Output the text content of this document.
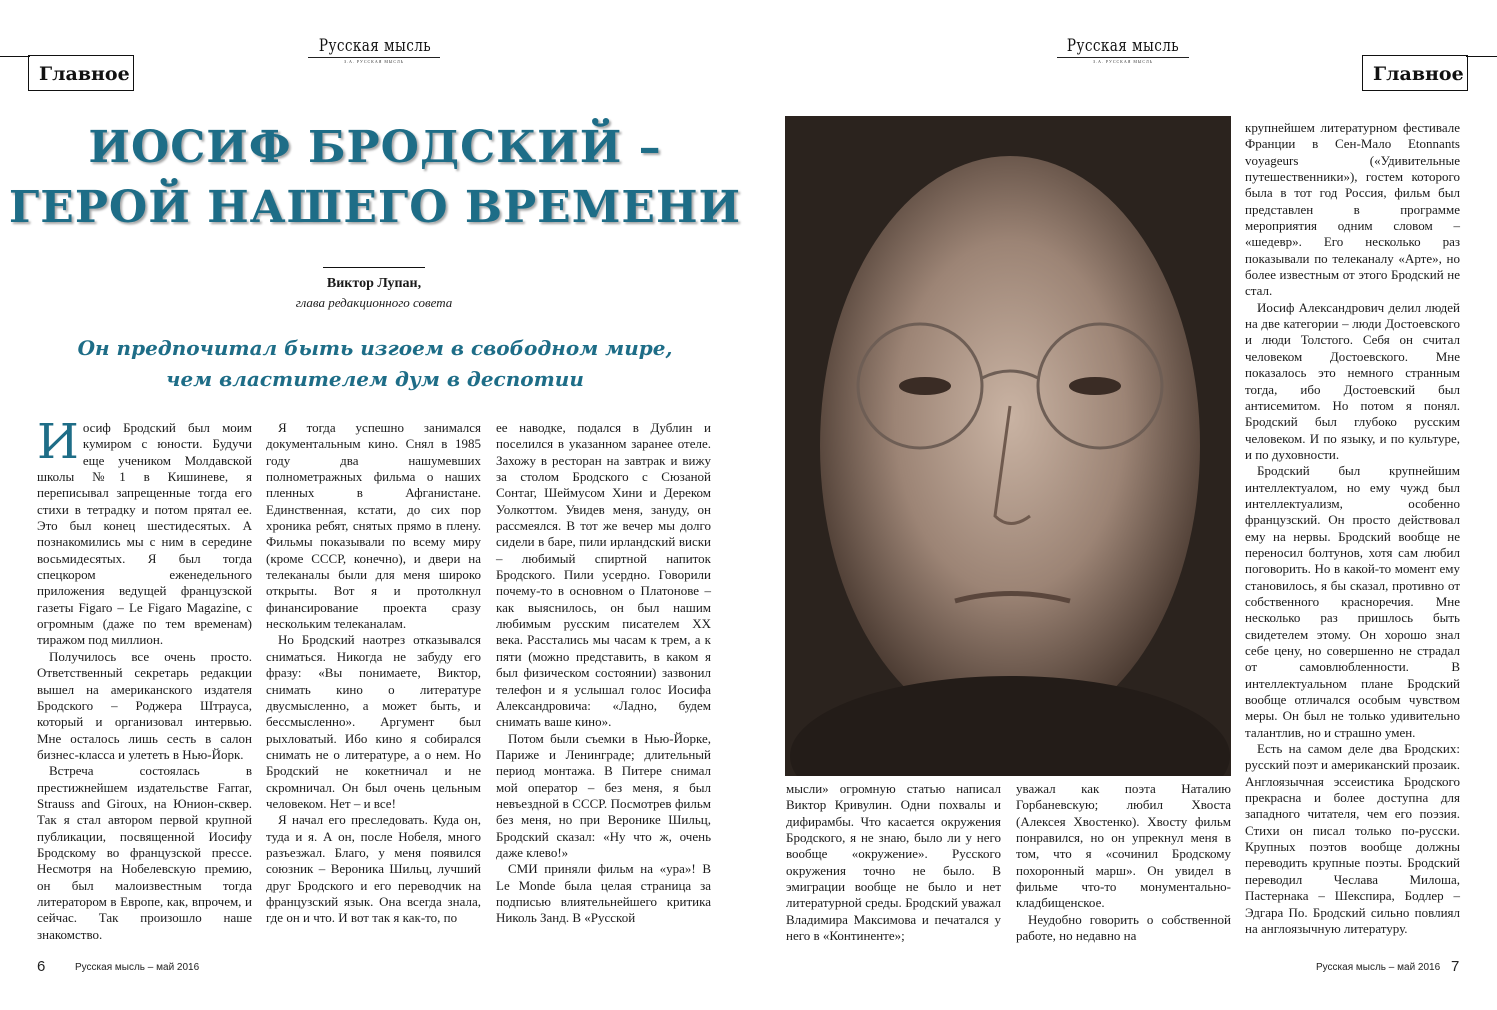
Русская мысль
З.А. РУССКАЯ МЫСЛЬ
Главное
ИОСИФ БРОДСКИЙ –
ГЕРОЙ НАШЕГО ВРЕМЕНИ
Виктор Лупан,
глава редакционного совета
Он предпочитал быть изгоем в свободном мире,
чем властителем дум в деспотии
И осиф Бродский был моим кумиром с юности. Будучи еще учеником Молдавской школы №1 в Кишиневе, я переписывал запрещенные тогда его стихи в тетрадку и потом прятал ее. Это был конец шестидесятых. А познакомились мы с ним в середине восьмидесятых. Я был тогда спецкором еженедельного приложения ведущей французской газеты Figaro – Le Figaro Magazine, с огромным (даже по тем временам) тиражом под миллион.

Получилось все очень просто. Ответственный секретарь редакции вышел на американского издателя Бродского – Роджера Штрауса, который и организовал интервью. Мне осталось лишь сесть в салон бизнес-класса и улететь в Нью-Йорк.

Встреча состоялась в престижнейшем издательстве Farrar, Strauss and Giroux, на Юнион-сквер. Так я стал автором первой крупной публикации, посвященной Иосифу Бродскому во французской прессе. Несмотря на Нобелевскую премию, он был малоизвестным тогда литератором в Европе, как, впрочем, и сейчас. Так произошло наше знакомство.

Я тогда успешно занимался документальным кино. Снял в 1985 году два нашумевших полнометражных фильма о наших пленных в Афганистане. Единственная, кстати, до сих пор хроника ребят, снятых прямо в плену. Фильмы показывали по всему миру (кроме СССР, конечно), и двери на телеканалы были для меня широко открыты. Вот я и протолкнул финансирование проекта сразу нескольким телеканалам.

Но Бродский наотрез отказывался сниматься. Никогда не забуду его фразу: «Вы понимаете, Виктор, снимать кино о литературе двусмысленно, а может быть, и бессмысленно». Аргумент был рыхловатый. Ибо кино я собирался снимать не о литературе, а о нем. Но Бродский не кокетничал и не скромничал. Он был очень цельным человеком. Нет – и все!

Я начал его преследовать. Куда он, туда и я. А он, после Нобеля, много разъезжал. Благо, у меня появился союзник – Вероника Шильц, лучший друг Бродского и его переводчик на французский язык. Она всегда знала, где он и что. И вот так я как-то, по

ее наводке, подался в Дублин и поселился в указанном заранее отеле. Захожу в ресторан на завтрак и вижу за столом Бродского с Сюзаной Сонтаг, Шеймусом Хини и Дереком Уолкоттом. Увидев меня, зануду, он рассмеялся. В тот же вечер мы долго сидели в баре, пили ирландский виски – любимый спиртной напиток Бродского. Пили усердно. Говорили почему-то в основном о Платонове – как выяснилось, он был нашим любимым русским писателем XX века. Расстались мы часам к трем, а к пяти (можно представить, в каком я был физическом состоянии) зазвонил телефон и я услышал голос Иосифа Александровича: «Ладно, будем снимать ваше кино».

Потом были съемки в Нью-Йорке, Париже и Ленинграде; длительный период монтажа. В Питере снимал мой оператор – без меня, я был невъездной в СССР. Посмотрев фильм без меня, но при Веронике Шильц, Бродский сказал: «Ну что ж, очень даже клево!»

СМИ приняли фильм на «ура»! В Le Monde была целая страница за подписью влиятельнейшего критика Николь Занд. В «Русской

6	Русская мысль – май 2016
Русская мысль
З.А. РУССКАЯ МЫСЛЬ
Главное

мысли» огромную статью написал Виктор Кривулин. Одни похвалы и дифирамбы. Что касается окружения Бродского, я не знаю, было ли у него вообще «окружение». Русского окружения точно не было. В эмиграции вообще не было и нет литературной среды. Бродский уважал Владимира Максимова и печатался у него в «Континенте»;

уважал как поэта Наталию Горбаневскую; любил Хвоста (Алексея Хвостенко). Хвосту фильм понравился, но он упрекнул меня в том, что я «сочинил Бродскому похоронный марш». Он увидел в фильме что-то монументально-кладбищенское.

Неудобно говорить о собственной работе, но недавно на

крупнейшем литературном фестивале Франции в Сен-Мало Etonnants voyageurs («Удивительные путешественники»), гостем которого была в тот год Россия, фильм был представлен в программе мероприятия одним словом – «шедевр». Его несколько раз показывали по телеканалу «Арте», но более известным от этого Бродский не стал.

Иосиф Александрович делил людей на две категории – люди Достоевского и люди Толстого. Себя он считал человеком Достоевского. Мне показалось это немного странным тогда, ибо Достоевский был антисемитом. Но потом я понял. Бродский был глубоко русским человеком. И по языку, и по культуре, и по духовности.

Бродский был крупнейшим интеллектуалом, но ему чужд был интеллектуализм, особенно французский. Он просто действовал ему на нервы. Бродский вообще не переносил болтунов, хотя сам любил поговорить. Но в какой-то момент ему становилось, я бы сказал, противно от собственного красноречия. Мне несколько раз пришлось быть свидетелем этому. Он хорошо знал себе цену, но совершенно не страдал от самовлюбленности. В интеллектуальном плане Бродский вообще отличался особым чувством меры. Он был не только удивительно талантлив, но и страшно умен.

Есть на самом деле два Бродских: русский поэт и американский прозаик. Англоязычная эссеистика Бродского прекрасна и более доступна для западного читателя, чем его поэзия. Стихи он писал только по-русски. Крупных поэтов вообще должны переводить крупные поэты. Бродский переводил Чеслава Милоша, Пастернака – Шекспира, Бодлер – Эдгара По. Бродский сильно повлиял на англоязычную литературу.

Русская мысль – май 2016 7
